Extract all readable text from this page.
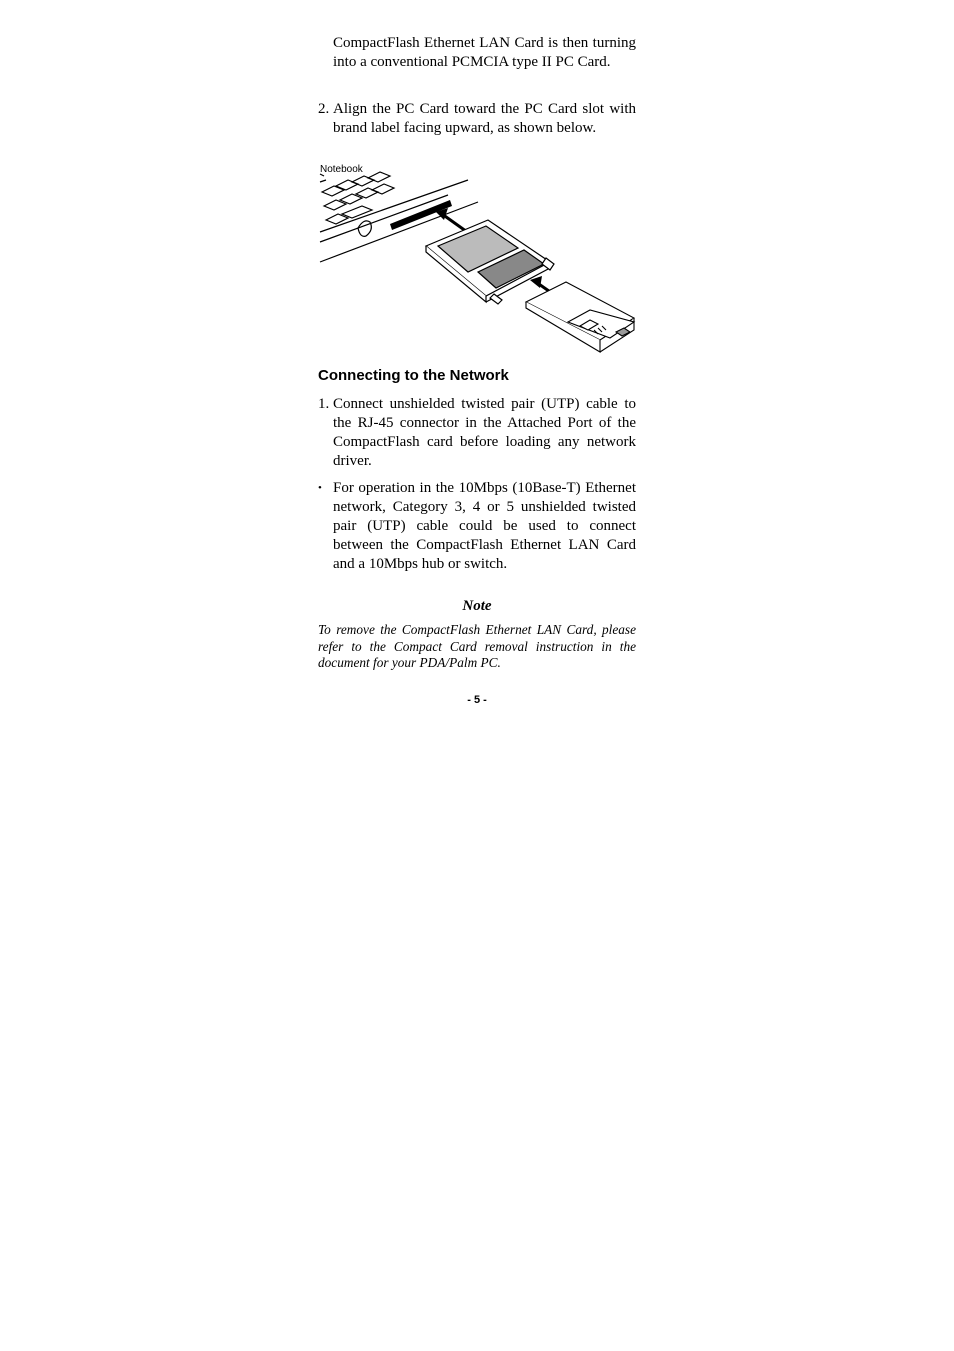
CompactFlash Ethernet LAN Card is then turning into a conventional PCMCIA type II PC Card.

2. Align the PC Card toward the PC Card slot with brand label facing upward, as shown below.
Notebook
Connecting to the Network
1. Connect unshielded twisted pair (UTP) cable to the RJ-45 connector in the Attached Port of the CompactFlash card before loading any network driver.
• For operation in the 10Mbps (10Base-T) Ethernet network, Category 3, 4 or 5 unshielded twisted pair (UTP) cable could be used to connect between the CompactFlash Ethernet LAN Card and a 10Mbps hub or switch.
Note
To remove the CompactFlash Ethernet LAN Card, please refer to the Compact Card removal instruction in the document for your PDA/Palm PC.
- 5 -
